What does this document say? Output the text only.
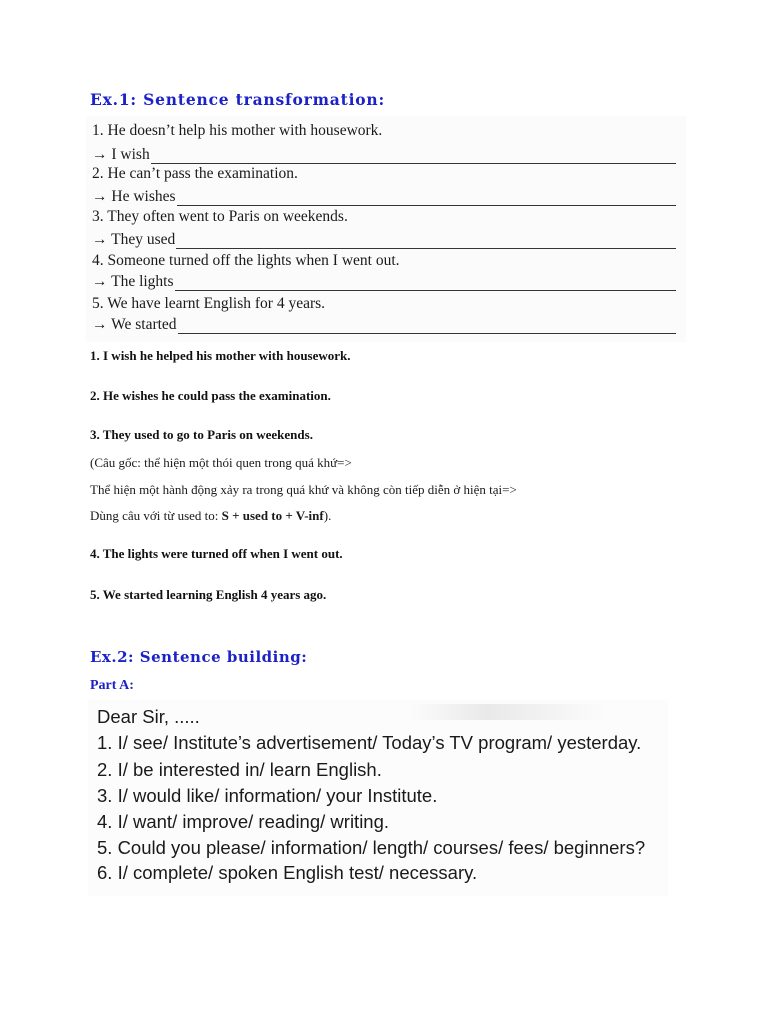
Ex.1: Sentence transformation:
1. He doesn’t help his mother with housework.
→ I wish
2. He can’t pass the examination.
→ He wishes
3. They often went to Paris on weekends.
→ They used
4. Someone turned off the lights when I went out.
→ The lights
5. We have learnt English for 4 years.
→ We started

1. I wish he helped his mother with housework.

2. He wishes he could pass the examination.

3. They used to go to Paris on weekends.

(Câu gốc: thể hiện một thói quen trong quá khứ=>

Thể hiện một hành động xảy ra trong quá khứ và không còn tiếp diễn ở hiện tại=>

Dùng câu với từ used to: S + used to + V-inf).

4. The lights were turned off when I went out.

5. We started learning English 4 years ago.

Ex.2: Sentence building:
Part A:
Dear Sir, .....
1. I/ see/ Institute’s advertisement/ Today’s TV program/ yesterday.
2. I/ be interested in/ learn English.
3. I/ would like/ information/ your Institute.
4. I/ want/ improve/ reading/ writing.
5. Could you please/ information/ length/ courses/ fees/ beginners?
6. I/ complete/ spoken English test/ necessary.
